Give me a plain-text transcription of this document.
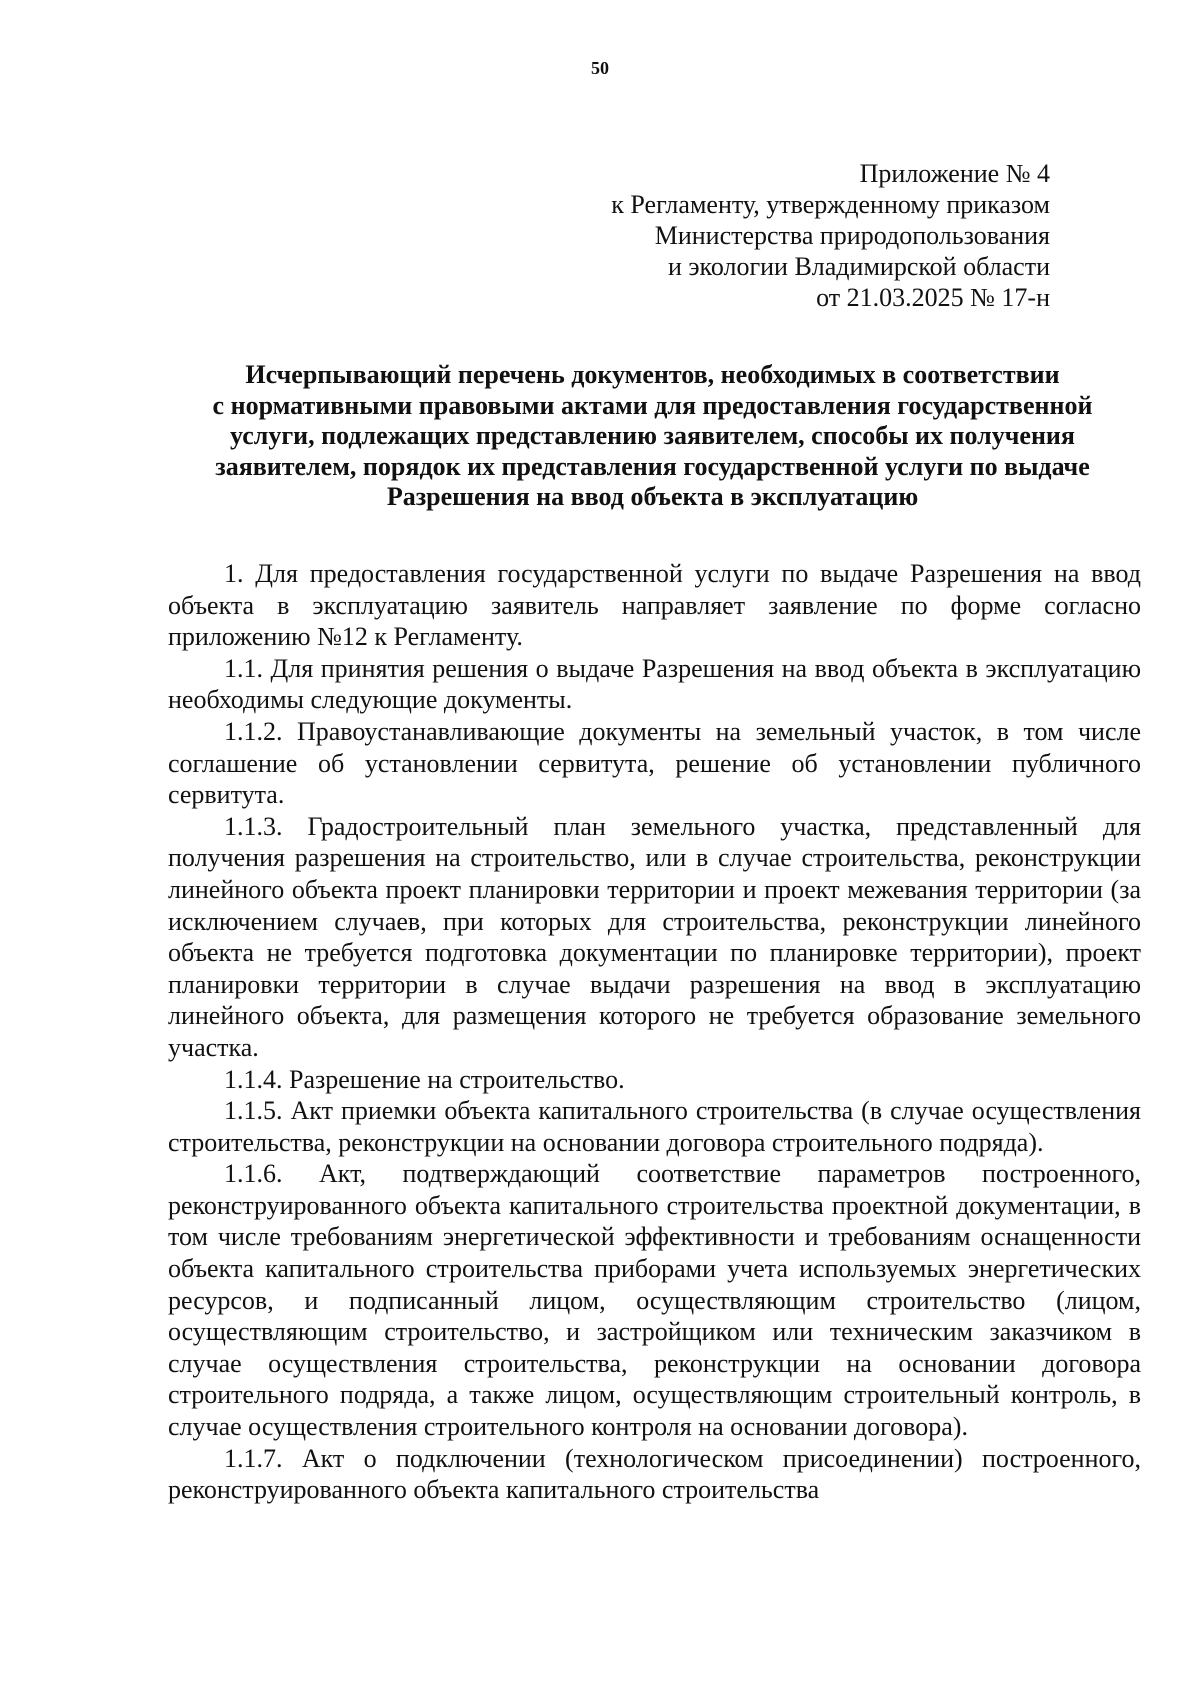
50
Приложение № 4
к Регламенту, утвержденному приказом
Министерства природопользования
и экологии Владимирской области
от 21.03.2025 № 17-н
Исчерпывающий перечень документов, необходимых в соответствии
с нормативными правовыми актами для предоставления государственной
услуги, подлежащих представлению заявителем, способы их получения
заявителем, порядок их представления государственной услуги по выдаче
Разрешения на ввод объекта в эксплуатацию

1. Для предоставления государственной услуги по выдаче Разрешения на ввод объекта в эксплуатацию заявитель направляет заявление по форме согласно приложению №12 к Регламенту.

1.1. Для принятия решения о выдаче Разрешения на ввод объекта в эксплуатацию необходимы следующие документы.

1.1.2. Правоустанавливающие документы на земельный участок, в том числе соглашение об установлении сервитута, решение об установлении публичного сервитута.

1.1.3. Градостроительный план земельного участка, представленный для получения разрешения на строительство, или в случае строительства, реконструкции линейного объекта проект планировки территории и проект межевания территории (за исключением случаев, при которых для строительства, реконструкции линейного объекта не требуется подготовка документации по планировке территории), проект планировки территории в случае выдачи разрешения на ввод в эксплуатацию линейного объекта, для размещения которого не требуется образование земельного участка.

1.1.4. Разрешение на строительство.

1.1.5. Акт приемки объекта капитального строительства (в случае осуществления строительства, реконструкции на основании договора строительного подряда).

1.1.6. Акт, подтверждающий соответствие параметров построенного, реконструированного объекта капитального строительства проектной документации, в том числе требованиям энергетической эффективности и требованиям оснащенности объекта капитального строительства приборами учета используемых энергетических ресурсов, и подписанный лицом, осуществляющим строительство (лицом, осуществляющим строительство, и застройщиком или техническим заказчиком в случае осуществления строительства, реконструкции на основании договора строительного подряда, а также лицом, осуществляющим строительный контроль, в случае осуществления строительного контроля на основании договора).

1.1.7. Акт о подключении (технологическом присоединении) построенного, реконструированного объекта капитального строительства
